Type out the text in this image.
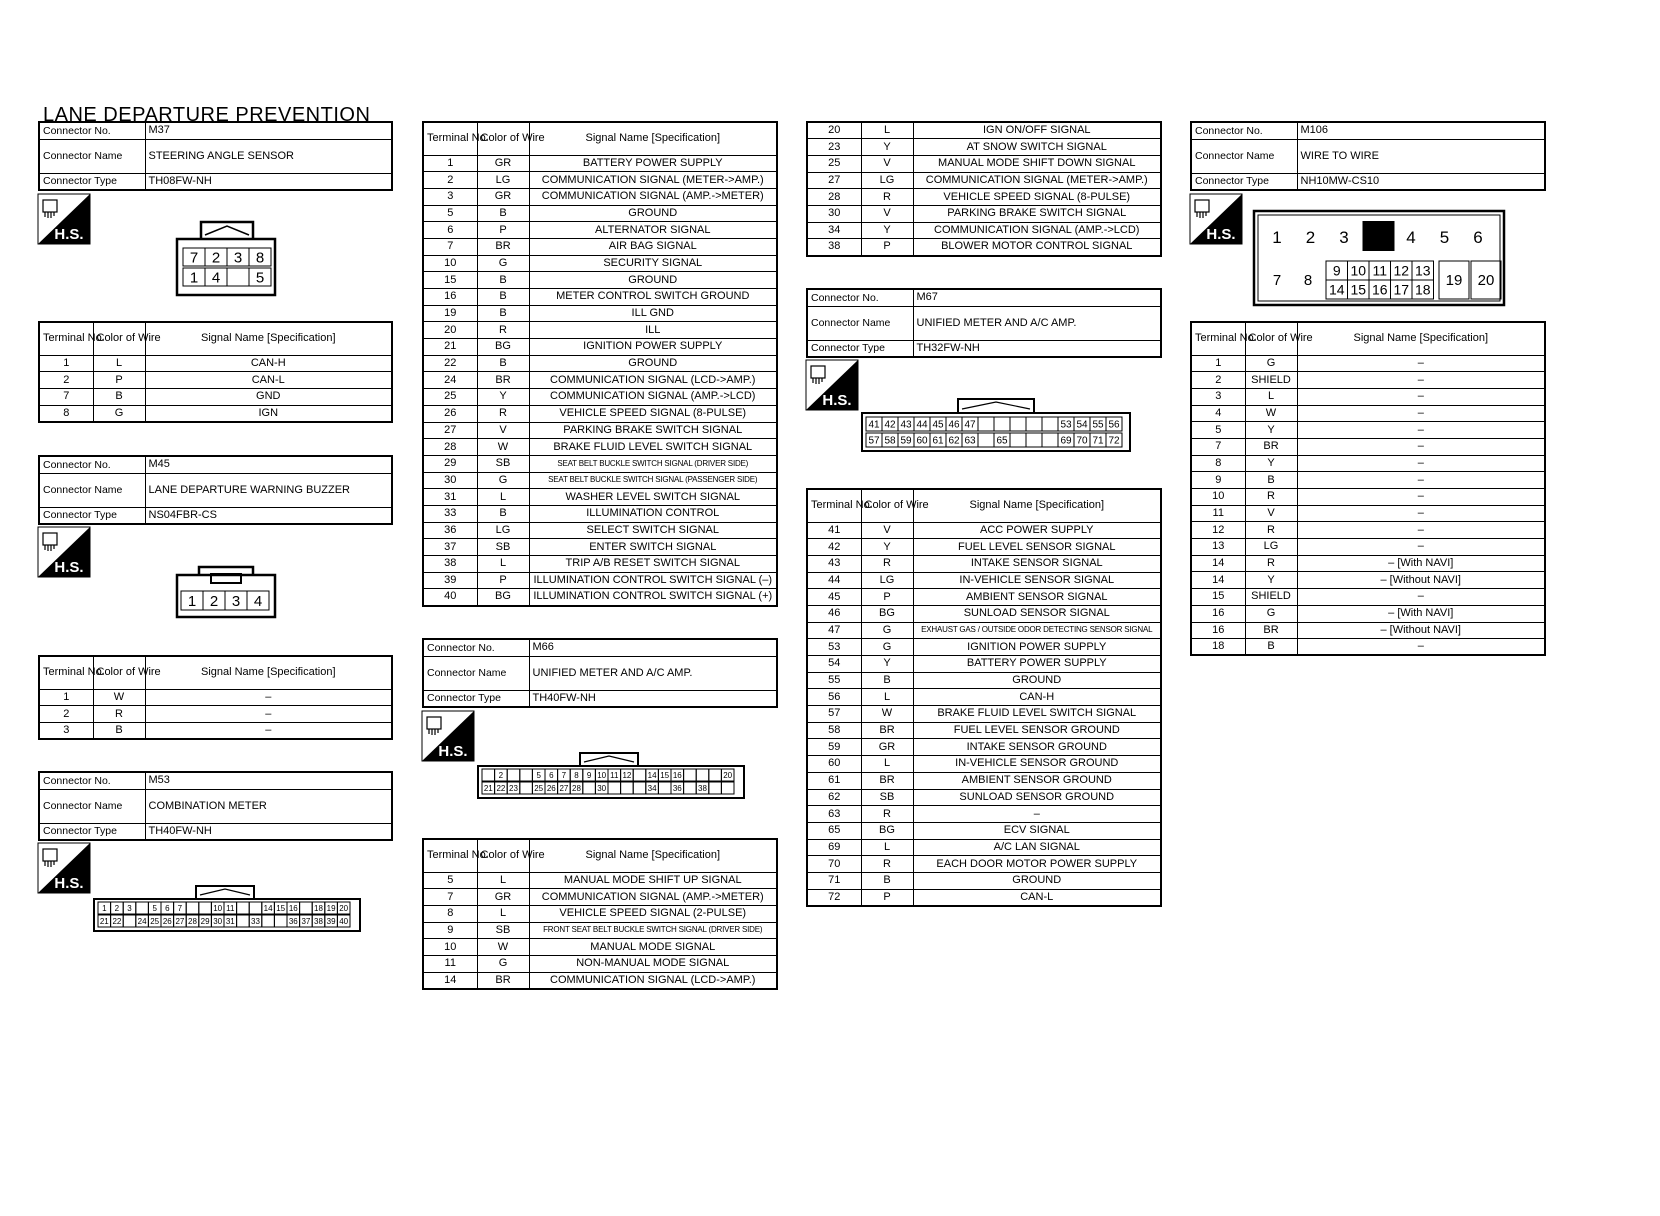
LANE DEPARTURE PREVENTION
Connector No.	M37
Connector Name	STEERING ANGLE SENSOR
Connector Type	TH08FW-NH
H.S.
7 2 3 8
1 4 5
Terminal No.	Color of Wire	Signal Name [Specification]
1	L	CAN-H
2	P	CAN-L
7	B	GND
8	G	IGN
Connector No.	M45
Connector Name	LANE DEPARTURE WARNING BUZZER
Connector Type	NS04FBR-CS
H.S.
1 2 3 4
Terminal No.	Color of Wire	Signal Name [Specification]
1	W	–
2	R	–
3	B	–
Connector No.	M53
Connector Name	COMBINATION METER
Connector Type	TH40FW-NH
H.S.
1 2 3	5 6 7	10 11	14 15 16 18 19 20
21 22 24 25 26 27 28 29 30 31 33	36 37 38 39 40
Terminal No.	Color of Wire	Signal Name [Specification]
1	GR	BATTERY POWER SUPPLY
2	LG	COMMUNICATION SIGNAL (METER->AMP.)
3	GR	COMMUNICATION SIGNAL (AMP.->METER)
5	B	GROUND
6	P	ALTERNATOR SIGNAL
7	BR	AIR BAG SIGNAL
10	G	SECURITY SIGNAL
15	B	GROUND
16	B	METER CONTROL SWITCH GROUND
19	B	ILL GND
20	R	ILL
21	BG	IGNITION POWER SUPPLY
22	B	GROUND
24	BR	COMMUNICATION SIGNAL (LCD->AMP.)
25	Y	COMMUNICATION SIGNAL (AMP.->LCD)
26	R	VEHICLE SPEED SIGNAL (8-PULSE)
27	V	PARKING BRAKE SWITCH SIGNAL
28	W	BRAKE FLUID LEVEL SWITCH SIGNAL
29	SB	SEAT BELT BUCKLE SWITCH SIGNAL (DRIVER SIDE)
30	G	SEAT BELT BUCKLE SWITCH SIGNAL (PASSENGER SIDE)
31	L	WASHER LEVEL SWITCH SIGNAL
33	B	ILLUMINATION CONTROL
36	LG	SELECT SWITCH SIGNAL
37	SB	ENTER SWITCH SIGNAL
38	L	TRIP A/B RESET SWITCH SIGNAL
39	P	ILLUMINATION CONTROL SWITCH SIGNAL (–)
40	BG	ILLUMINATION CONTROL SWITCH SIGNAL (+)
Connector No.	M66
Connector Name	UNIFIED METER AND A/C AMP.
Connector Type	TH40FW-NH
H.S.
2	5 6 7 8 9 10 11 12 14 15 16	20
21 22 23 25 26 27 28 30	34 36 38
Terminal No.	Color of Wire	Signal Name [Specification]
5	L	MANUAL MODE SHIFT UP SIGNAL
7	GR	COMMUNICATION SIGNAL (AMP.->METER)
8	L	VEHICLE SPEED SIGNAL (2-PULSE)
9	SB	FRONT SEAT BELT BUCKLE SWITCH SIGNAL (DRIVER SIDE)
10	W	MANUAL MODE SIGNAL
11	G	NON-MANUAL MODE SIGNAL
14	BR	COMMUNICATION SIGNAL (LCD->AMP.)
20	L	IGN ON/OFF SIGNAL
23	Y	AT SNOW SWITCH SIGNAL
25	V	MANUAL MODE SHIFT DOWN SIGNAL
27	LG	COMMUNICATION SIGNAL (METER->AMP.)
28	R	VEHICLE SPEED SIGNAL (8-PULSE)
30	V	PARKING BRAKE SWITCH SIGNAL
34	Y	COMMUNICATION SIGNAL (AMP.->LCD)
38	P	BLOWER MOTOR CONTROL SIGNAL
Connector No.	M67
Connector Name	UNIFIED METER AND A/C AMP.
Connector Type	TH32FW-NH
H.S.
41 42 43 44 45 46 47	53 54 55 56
57 58 59 60 61 62 63 65	69 70 71 72
Terminal No.	Color of Wire	Signal Name [Specification]
41	V	ACC POWER SUPPLY
42	Y	FUEL LEVEL SENSOR SIGNAL
43	R	INTAKE SENSOR SIGNAL
44	LG	IN-VEHICLE SENSOR SIGNAL
45	P	AMBIENT SENSOR SIGNAL
46	BG	SUNLOAD SENSOR SIGNAL
47	G	EXHAUST GAS / OUTSIDE ODOR DETECTING SENSOR SIGNAL
53	G	IGNITION POWER SUPPLY
54	Y	BATTERY POWER SUPPLY
55	B	GROUND
56	L	CAN-H
57	W	BRAKE FLUID LEVEL SWITCH SIGNAL
58	BR	FUEL LEVEL SENSOR GROUND
59	GR	INTAKE SENSOR GROUND
60	L	IN-VEHICLE SENSOR GROUND
61	BR	AMBIENT SENSOR GROUND
62	SB	SUNLOAD SENSOR GROUND
63	R	–
65	BG	ECV SIGNAL
69	L	A/C LAN SIGNAL
70	R	EACH DOOR MOTOR POWER SUPPLY
71	B	GROUND
72	P	CAN-L
Connector No.	M106
Connector Name	WIRE TO WIRE
Connector Type	NH10MW-CS10
H.S. 1 2 3	4 5 6
7 8
9 10 11 12 13
14 15 16 17 18
19 20
Terminal No.	Color of Wire	Signal Name [Specification]
1	G	–
2	SHIELD	–
3	L	–
4	W	–
5	Y	–
7	BR	–
8	Y	–
9	B	–
10	R	–
11	V	–
12	R	–
13	LG	–
14	R	– [With NAVI]
14	Y	– [Without NAVI]
15	SHIELD	–
16	G	– [With NAVI]
16	BR	– [Without NAVI]
18	B	–
